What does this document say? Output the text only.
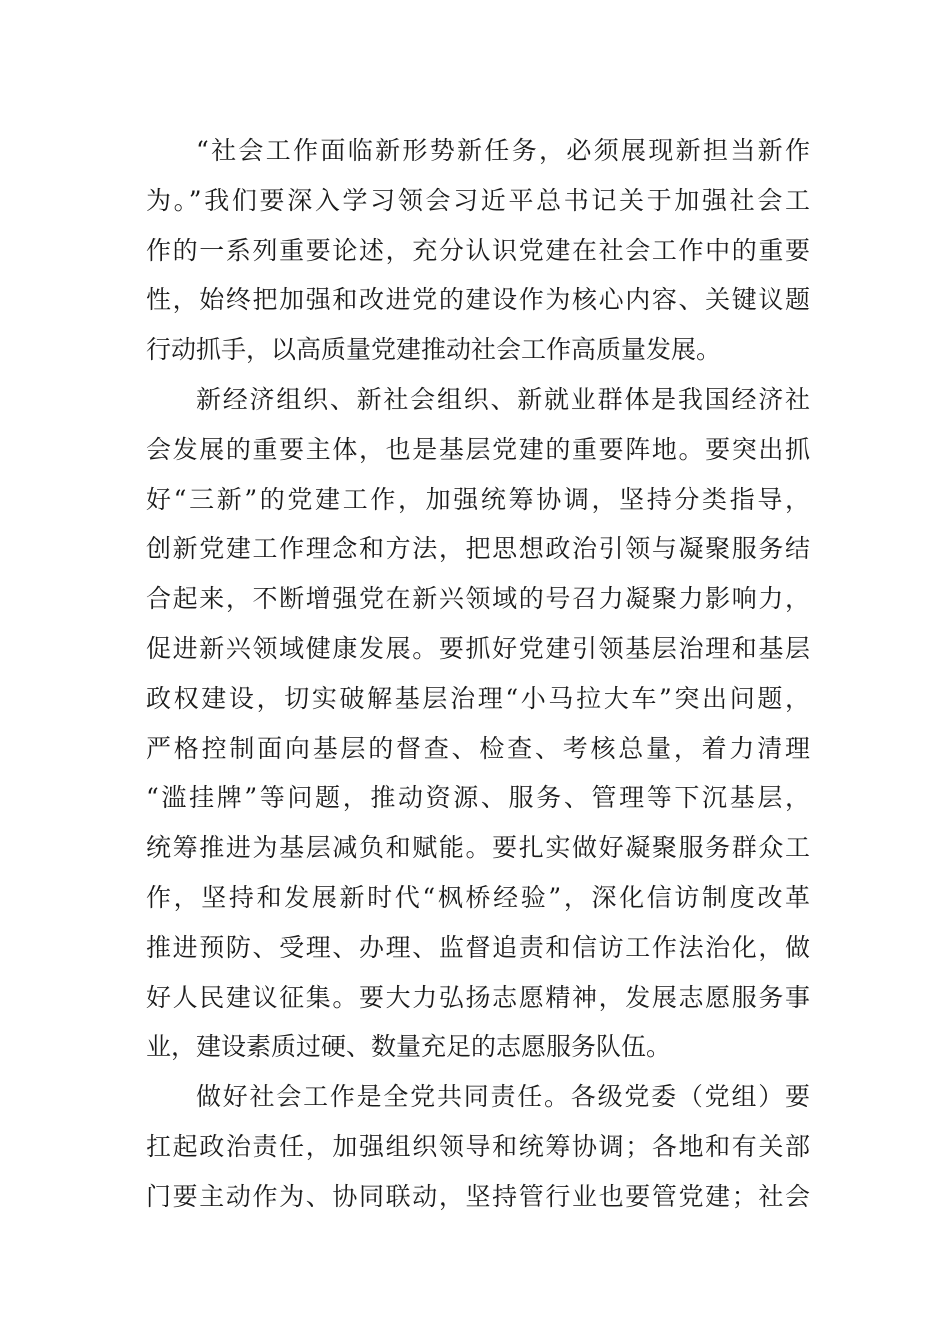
“社会工作面临新形势新任务，必须展现新担当新作
为。”我们要深入学习领会习近平总书记关于加强社会工
作的一系列重要论述，充分认识党建在社会工作中的重要
性，始终把加强和改进党的建设作为核心内容、关键议题
行动抓手，以高质量党建推动社会工作高质量发展。
新经济组织、新社会组织、新就业群体是我国经济社
会发展的重要主体，也是基层党建的重要阵地。要突出抓
好“三新”的党建工作，加强统筹协调，坚持分类指导，
创新党建工作理念和方法，把思想政治引领与凝聚服务结
合起来，不断增强党在新兴领域的号召力凝聚力影响力，
促进新兴领域健康发展。要抓好党建引领基层治理和基层
政权建设，切实破解基层治理“小马拉大车”突出问题，
严格控制面向基层的督查、检查、考核总量，着力清理
“滥挂牌”等问题，推动资源、服务、管理等下沉基层，
统筹推进为基层减负和赋能。要扎实做好凝聚服务群众工
作，坚持和发展新时代“枫桥经验”，深化信访制度改革
推进预防、受理、办理、监督追责和信访工作法治化，做
好人民建议征集。要大力弘扬志愿精神，发展志愿服务事
业，建设素质过硬、数量充足的志愿服务队伍。
做好社会工作是全党共同责任。各级党委（党组）要
扛起政治责任，加强组织领导和统筹协调；各地和有关部
门要主动作为、协同联动，坚持管行业也要管党建；社会
